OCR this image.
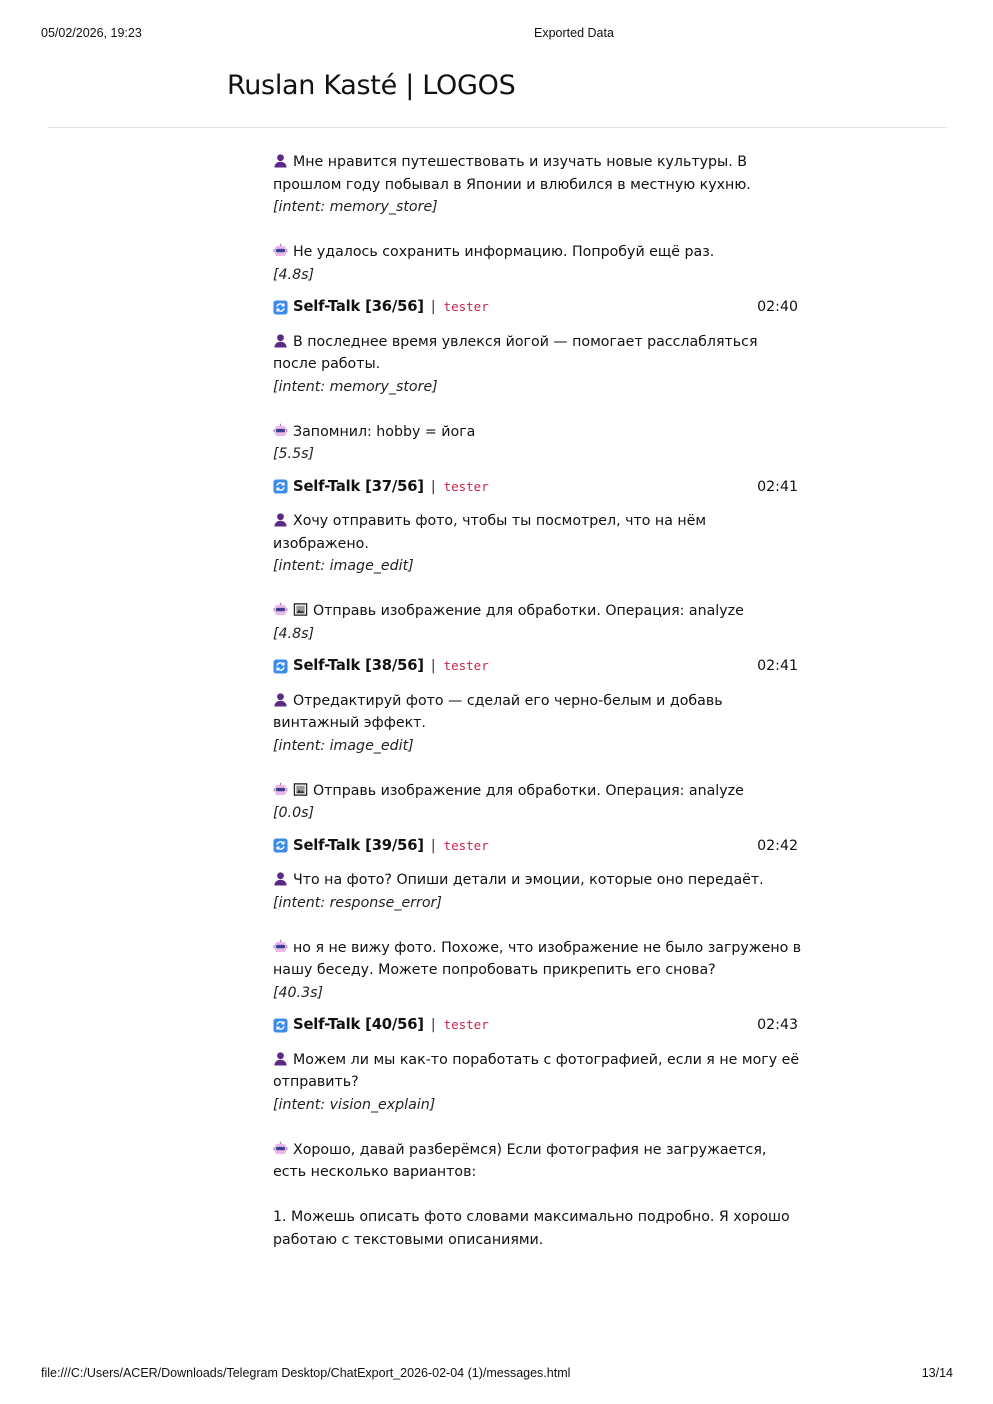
05/02/2026, 19:23	Exported Data
Ruslan Kasté | LOGOS
Мне нравится путешествовать и изучать новые культуры. В прошлом году побывал в Японии и влюбился в местную кухню.
[intent: memory_store]
Не удалось сохранить информацию. Попробуй ещё раз.
[4.8s]
Self-Talk [36/56] | tester	02:40
В последнее время увлекся йогой — помогает расслабляться после работы.
[intent: memory_store]
Запомнил: hobby = йога
[5.5s]
Self-Talk [37/56] | tester	02:41
Хочу отправить фото, чтобы ты посмотрел, что на нём изображено.
[intent: image_edit]
Отправь изображение для обработки. Операция: analyze
[4.8s]
Self-Talk [38/56] | tester	02:41
Отредактируй фото — сделай его черно-белым и добавь винтажный эффект.
[intent: image_edit]
Отправь изображение для обработки. Операция: analyze
[0.0s]
Self-Talk [39/56] | tester	02:42
Что на фото? Опиши детали и эмоции, которые оно передаёт.
[intent: response_error]
но я не вижу фото. Похоже, что изображение не было загружено в нашу беседу. Можете попробовать прикрепить его снова?
[40.3s]
Self-Talk [40/56] | tester	02:43
Можем ли мы как-то поработать с фотографией, если я не могу её отправить?
[intent: vision_explain]
Хорошо, давай разберёмся) Если фотография не загружается, есть несколько вариантов:
1. Можешь описать фото словами максимально подробно. Я хорошо работаю с текстовыми описаниями.
file:///C:/Users/ACER/Downloads/Telegram Desktop/ChatExport_2026-02-04 (1)/messages.html	13/14
